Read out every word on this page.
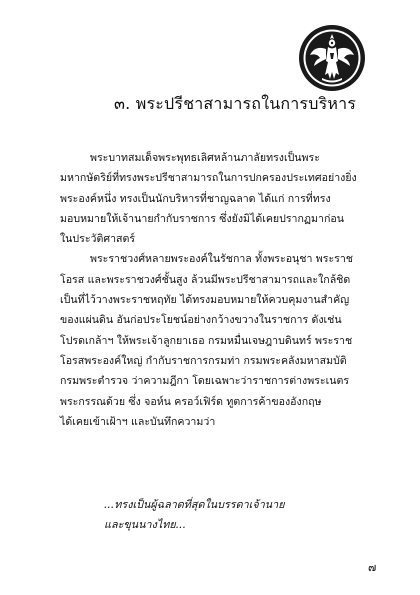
๓. พระปรีชาสามารถในการบริหาร

พระบาทสมเด็จพระพุทธเลิศหล้านภาลัยทรงเป็นพระ
มหากษัตริย์ที่ทรงพระปรีชาสามารถในการปกครองประเทศอย่างยิ่ง
พระองค์หนึ่ง ทรงเป็นนักบริหารที่ชาญฉลาด ได้แก่ การที่ทรง
มอบหมายให้เจ้านายกำกับราชการ ซึ่งยังมิได้เคยปรากฏมาก่อน
ในประวัติศาสตร์

พระราชวงศ์หลายพระองค์ในรัชกาล ทั้งพระอนุชา พระราช
โอรส และพระราชวงศ์ชั้นสูง ล้วนมีพระปรีชาสามารถและใกล้ชิด
เป็นที่ไว้วางพระราชหฤทัย ได้ทรงมอบหมายให้ควบคุมงานสำคัญ
ของแผ่นดิน อันก่อประโยชน์อย่างกว้างขวางในราชการ ดังเช่น
โปรดเกล้าฯ ให้พระเจ้าลูกยาเธอ กรมหมื่นเจษฎาบดินทร์ พระราช
โอรสพระองค์ใหญ่ กำกับราชการกรมท่า กรมพระคลังมหาสมบัติ
กรมพระตำรวจ ว่าความฎีกา โดยเฉพาะว่าราชการต่างพระเนตร
พระกรรณด้วย ซึ่ง จอห์น ครอว์เฟิร์ด ทูตการค้าของอังกฤษ
ได้เคยเข้าเฝ้าฯ และบันทึกความว่า

...ทรงเป็นผู้ฉลาดที่สุดในบรรดาเจ้านาย
และขุนนางไทย...
๗
